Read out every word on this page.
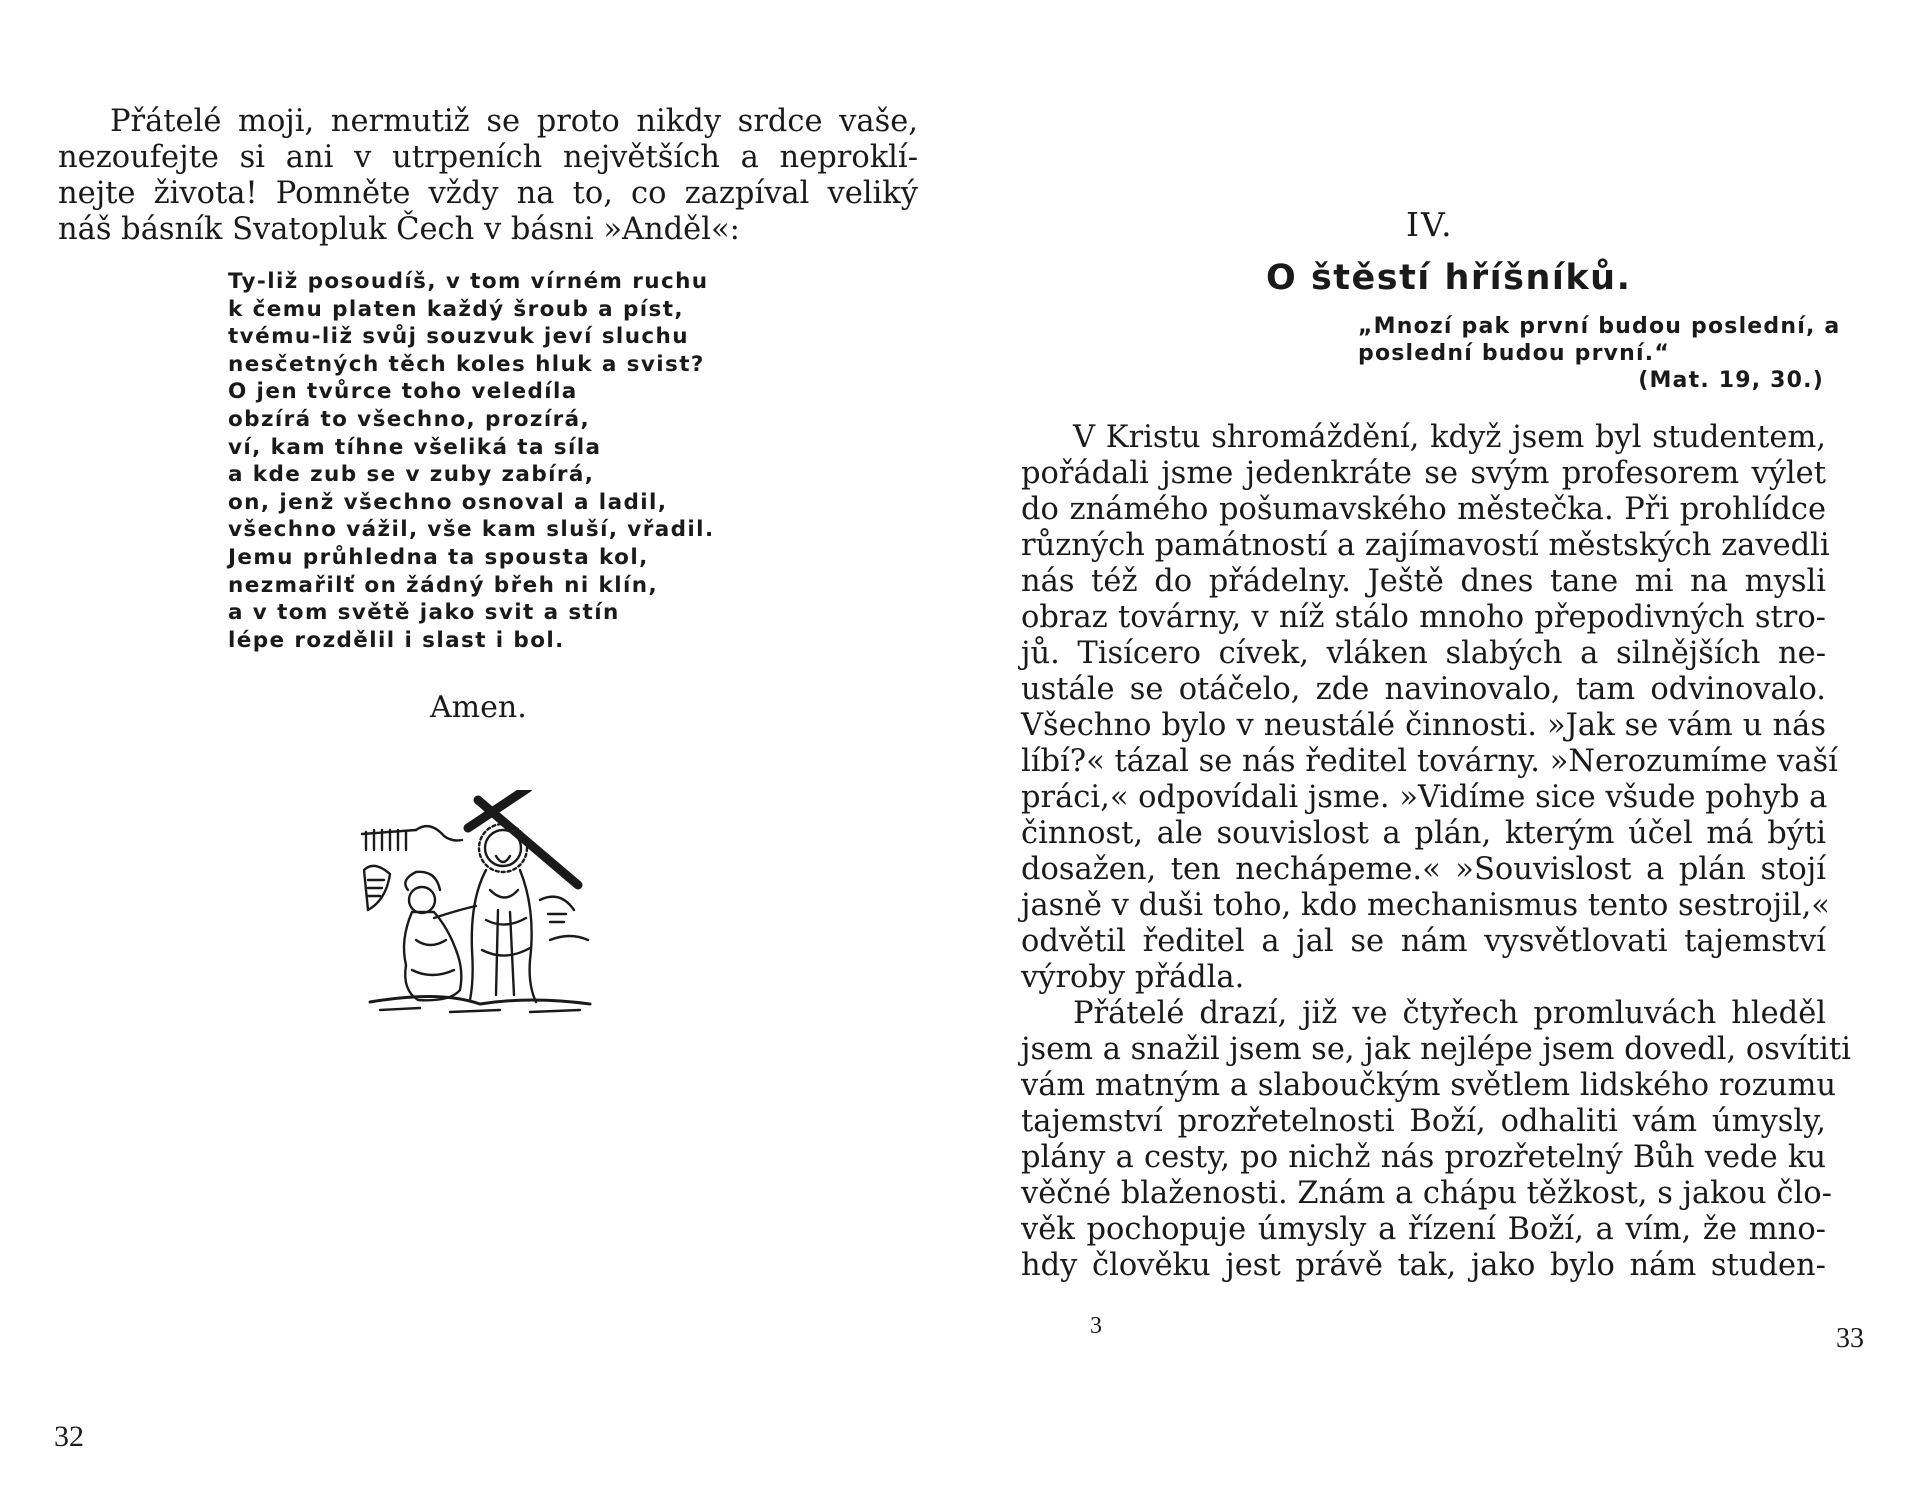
Přátelé moji, nermutiž se proto nikdy srdce vaše,
nezoufejte si ani v utrpeních největších a neproklí-
nejte života! Pomněte vždy na to, co zazpíval veliký
náš básník Svatopluk Čech v básni »Anděl«:
Ty-liž posoudíš, v tom vírném ruchu
k čemu platen každý šroub a píst,
tvému-liž svůj souzvuk jeví sluchu
nesčetných těch koles hluk a svist?
O jen tvůrce toho veledíla
obzírá to všechno, prozírá,
ví, kam tíhne všeliká ta síla
a kde zub se v zuby zabírá,
on, jenž všechno osnoval a ladil,
všechno vážil, vše kam sluší, vřadil.
Jemu průhledna ta spousta kol,
nezmařilť on žádný břeh ni klín,
a v tom světě jako svit a stín
lépe rozdělil i slast i bol.
Amen.
32
IV.
O štěstí hříšníků.
„Mnozí pak první budou poslední, a
poslední budou první.“
(Mat. 19, 30.)
V Kristu shromáždění, když jsem byl studentem,
pořádali jsme jedenkráte se svým profesorem výlet
do známého pošumavského městečka. Při prohlídce
různých památností a zajímavostí městských zavedli
nás též do přádelny. Ještě dnes tane mi na mysli
obraz továrny, v níž stálo mnoho přepodivných stro-
jů. Tisícero cívek, vláken slabých a silnějších ne-
ustále se otáčelo, zde navinovalo, tam odvinovalo.
Všechno bylo v neustálé činnosti. »Jak se vám u nás
líbí?« tázal se nás ředitel továrny. »Nerozumíme vaší
práci,« odpovídali jsme. »Vidíme sice všude pohyb a
činnost, ale souvislost a plán, kterým účel má býti
dosažen, ten nechápeme.« »Souvislost a plán stojí
jasně v duši toho, kdo mechanismus tento sestrojil,«
odvětil ředitel a jal se nám vysvětlovati tajemství
výroby přádla.
Přátelé drazí, již ve čtyřech promluvách hleděl
jsem a snažil jsem se, jak nejlépe jsem dovedl, osvítiti
vám matným a slaboučkým světlem lidského rozumu
tajemství prozřetelnosti Boží, odhaliti vám úmysly,
plány a cesty, po nichž nás prozřetelný Bůh vede ku
věčné blaženosti. Znám a chápu těžkost, s jakou člo-
věk pochopuje úmysly a řízení Boží, a vím, že mno-
hdy člověku jest právě tak, jako bylo nám studen-
3	33
